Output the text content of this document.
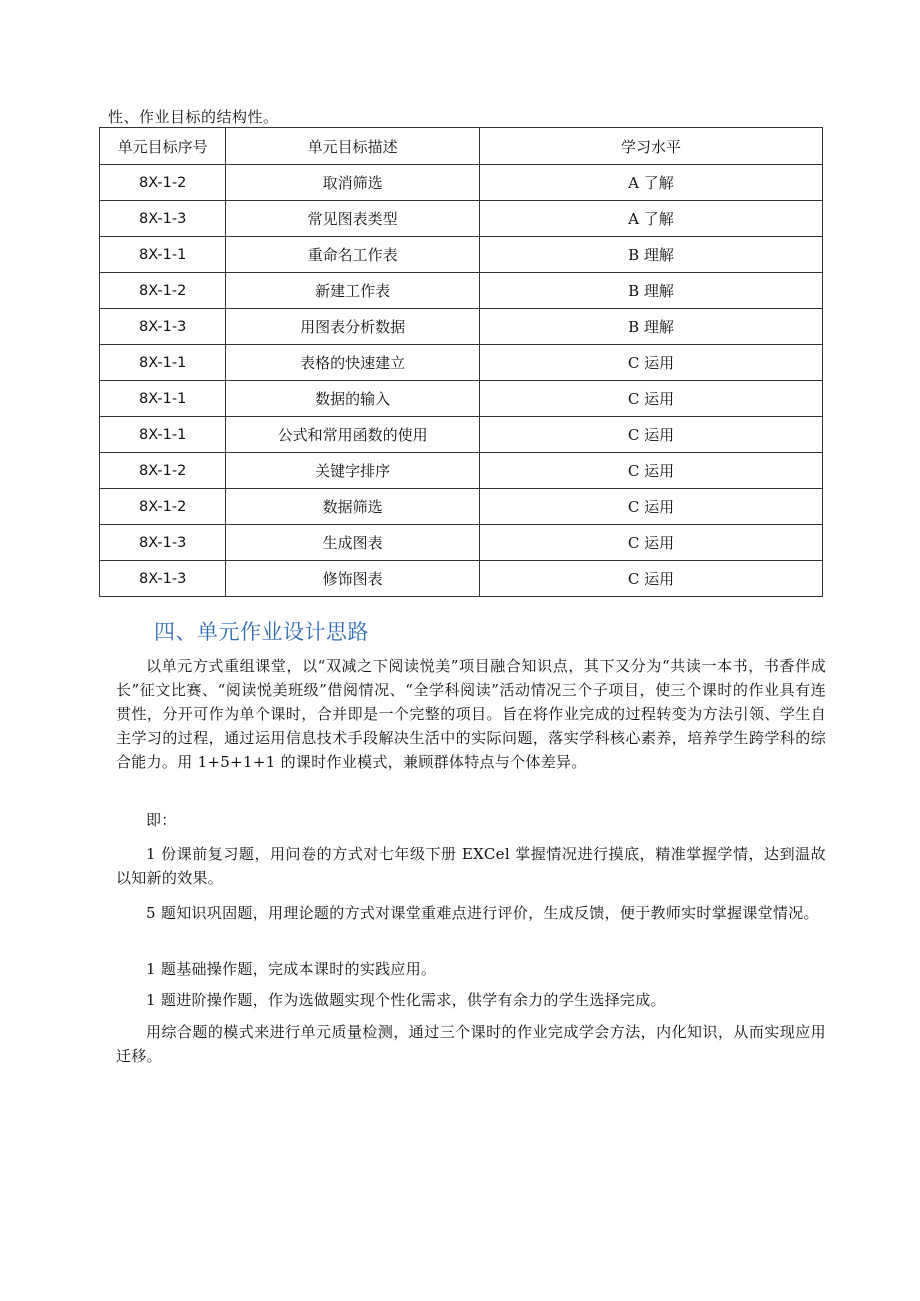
性、作业目标的结构性。
单元目标序号	单元目标描述	学习水平
8X-1-2	取消筛选	A 了解
8X-1-3	常见图表类型	A 了解
8X-1-1	重命名工作表	B 理解
8X-1-2	新建工作表	B 理解
8X-1-3	用图表分析数据	B 理解
8X-1-1	表格的快速建立	C 运用
8X-1-1	数据的输入	C 运用
8X-1-1	公式和常用函数的使用	C 运用
8X-1-2	关键字排序	C 运用
8X-1-2	数据筛选	C 运用
8X-1-3	生成图表	C 运用
8X-1-3	修饰图表	C 运用
四、单元作业设计思路

以单元方式重组课堂，以“双减之下阅读悦美”项目融合知识点，其下又分为“共读一本书，书香伴成长”征文比赛、“阅读悦美班级”借阅情况、“全学科阅读”活动情况三个子项目，使三个课时的作业具有连贯性，分开可作为单个课时，合并即是一个完整的项目。旨在将作业完成的过程转变为方法引领、学生自主学习的过程，通过运用信息技术手段解决生活中的实际问题，落实学科核心素养，培养学生跨学科的综合能力。用 1+5+1+1 的课时作业模式，兼顾群体特点与个体差异。

即：

1 份课前复习题，用问卷的方式对七年级下册 EXCel 掌握情况进行摸底，精准掌握学情，达到温故以知新的效果。

5 题知识巩固题，用理论题的方式对课堂重难点进行评价，生成反馈，便于教师实时掌握课堂情况。

1 题基础操作题，完成本课时的实践应用。

1 题进阶操作题，作为选做题实现个性化需求，供学有余力的学生选择完成。

用综合题的模式来进行单元质量检测，通过三个课时的作业完成学会方法，内化知识，从而实现应用迁移。
